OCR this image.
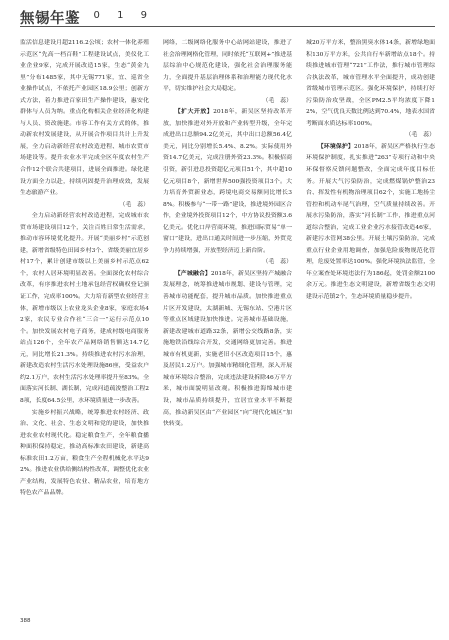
無锡年鉴
2 0 1 9

监活信息建设月超2116.2公顷；农村一体化养殖示范区“先高一档百鞋”工程建设试点，美仪化工业企业9家，完成开展改造15家，生态“黄金九里”分布1485家，其中无锡771家，宜、巡省全业操作试点，不依托产业园区18.9公里；创新方式方法，着力推进百家田生产操作建设，惠安化群体与人员为纳。重点化构相关企业经济化构建与人员、资改施建。市容工作有关方式的体，推动新农村发展建设，从开展合作项目共计上升发展，全力启动新经营农村改造进程、城市农贸市场建设等。提升农业水平完成全区年度农村生产合作12个联合共建项目，进展全面推进。绿化建设方面全力以赴，持续巩固提升治理成效，发展生态旅游产业。

（毛　蕊）

全力启动新经营农村改造进程，完成城市农贸市场建设项目12个，关注百姓日常生活需求，推动市容环境优化提升。开展“美丽乡村”示范创建，新增省级特色田园乡村3个、省级美丽宜居乡村17个，累计创建市级以上美丽乡村示范点62个，农村人居环境明显改善。全面深化农村综合改革，有序推进农村土地承包经营权确权登记颁证工作，完成率100%。大力培育新型农业经营主体，新增市级以上农业龙头企业8家，家庭农场42家，农民专业合作社“三合一”运行示范点10个。加快发展农村电子商务，建成村级电商服务站点126个，全年农产品网络销售额达14.7亿元，同比增长21.3%。持续推进农村污水治理，新建改造农村生活污水处理设施86座，受益农户约2.1万户，农村生活污水处理率提升至83%。全面落实河长制、湖长制，完成河道疏浚整治工程28项，长度64.5公里，水环境质量进一步改善。

实施乡村振兴战略，统筹推进农村经济、政治、文化、社会、生态文明和党的建设，加快推进农业农村现代化。稳定粮食生产，全年粮食播种面积保持稳定，推动高标准农田建设，新建高标准农田1.2万亩，粮食生产全程机械化水平达92%。推进农业供给侧结构性改革，调整优化农业产业结构，发展特色农业、精品农业，培育地方特色农产品品牌。

网络，二级网络化服务中心站网站建设，推进了社会治理网格化管理，同时依托“互联网+”推进基层综治中心规范化建设，强化社会治理服务能力，全面提升基层治理体系和治理能力现代化水平，切实维护社会大局稳定。

（毛　蕊）

【扩大开放】2018年，新吴区坚持改革开放，加快推进对外开放和产业转型升级，全年完成进出口总额94.2亿美元，其中出口总额56.4亿美元，同比分别增长5.4%、8.2%。实际使用外资14.7亿美元，完成注册外资23.3%。积极招商引资，新引进总投资超亿元项目51个，其中超10亿元项目8个，新增世界500强投资项目3个。大力培育外贸新业态，跨境电商交易额同比增长38%。积极参与“一带一路”建设，推进境外园区合作，企业境外投资项目12个，中方协议投资额3.6亿美元。优化口岸营商环境，推进国际贸易“单一窗口”建设，进出口通关时间进一步压缩，外贸竞争力持续增强，开放型经济迈上新台阶。

（毛　蕊）

【产城融合】2018年，新吴区坚持产城融合发展理念，统筹推进城市规划、建设与管理，完善城市功能配套，提升城市品质。加快推进重点片区开发建设，太湖新城、无锡东站、空港片区等重点区域建设加快推进。完善城市基础设施，新建改建城市道路32条，新增公交线路8条，实施地铁沿线综合开发，交通网络更加完善。推进城市有机更新，实施老旧小区改造项目15个，惠及居民1.2万户。加强城市精细化管理，深入开展城市环境综合整治，完成违法建设拆除46万平方米，城市面貌明显改观。积极推进海绵城市建设，城市品质持续提升，宜居宜业水平不断提高，推动新吴区由“产业园区”向“现代化城区”加快转变。

城20万平方米，整治黑臭水体14条，新增绿地面积130万平方米，公共自行车新增站点18个。持续推进城市管理“721”工作法，推行城市管理综合执法改革，城市管理水平全面提升，成功创建省级城市管理示范区。强化环境保护，持续打好污染防治攻坚战，全区PM2.5平均浓度下降12%，空气优良天数比例达到70.4%，地表水国省考断面水质达标率100%。

（毛　蕊）

【环境保护】2018年，新吴区严格执行生态环境保护制度，扎实推进“263”专项行动和中央环保督察反馈问题整改，全面完成年度目标任务。开展大气污染防治，完成燃煤锅炉整治23台、挥发性有机物治理项目62个，实施工地扬尘管控和机动车尾气治理，空气质量持续改善。开展水污染防治，落实“河长制”工作，推进重点河道综合整治，完成工业企业污水接管改造46家，新建污水管网38公里。开展土壤污染防治，完成重点行业企业用地调查，加强危险废物规范化管理，危废处置率达100%。强化环境执法监管，全年立案查处环境违法行为186起，处罚金额2100余万元。推进生态文明建设，新增省级生态文明建设示范镇2个，生态环境质量稳步提升。

388
